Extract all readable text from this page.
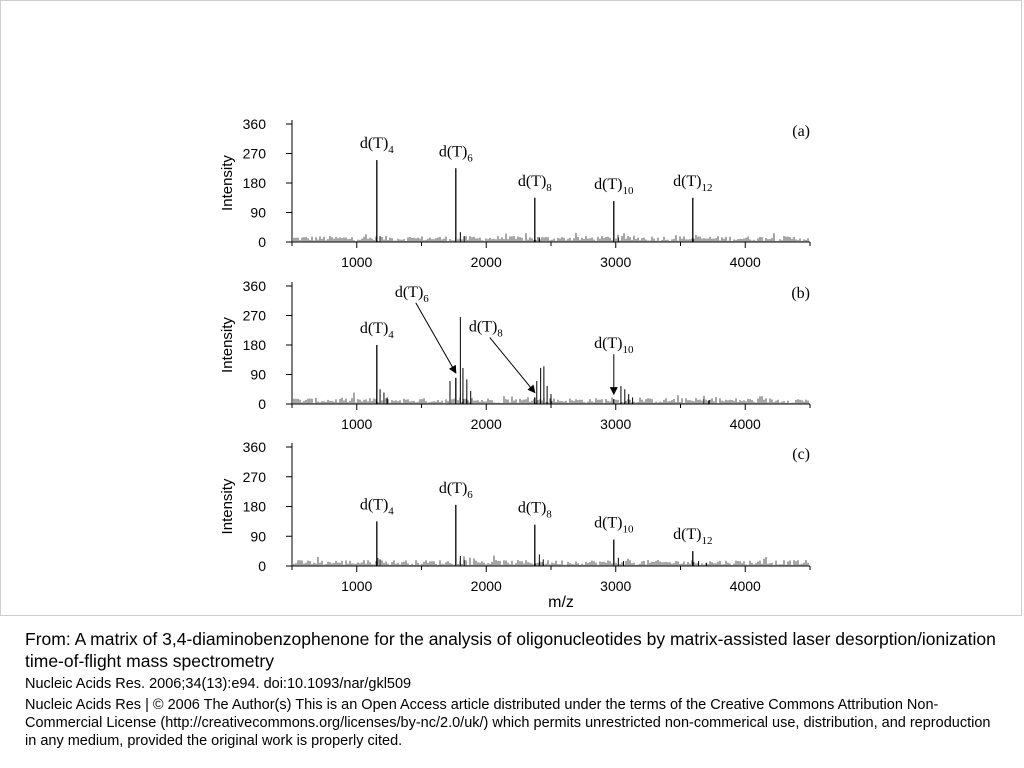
0
90
180
270
360
1000	2000	3000	4000
Intensity
(a)
$d(T)_4$	$d(T)_6$
$d(T)_8$	$d(T)_{10}$
$d(T)_{12}$
0
90
180
270
360
1000	2000	3000	4000
Intensity
(b)
$d(T)_4$
$d(T)_6$
$d(T)_8$
$d(T)_{10}$
0
90
180
270
360
1000	2000	3000	4000
Intensity
(c)
$d(T)_4$
$d(T)_6$
$d(T)_8$	$d(T)_{10}$ $d(T)_{12}$
m/z

From: A matrix of 3,4-diaminobenzophenone for the analysis of oligonucleotides by matrix-assisted laser desorption/ionization time-of-flight mass spectrometry

Nucleic Acids Res. 2006;34(13):e94. doi:10.1093/nar/gkl509

Nucleic Acids Res | © 2006 The Author(s) This is an Open Access article distributed under the terms of the Creative Commons Attribution Non-Commercial License (http://creativecommons.org/licenses/by-nc/2.0/uk/) which permits unrestricted non-commerical use, distribution, and reproduction in any medium, provided the original work is properly cited.
